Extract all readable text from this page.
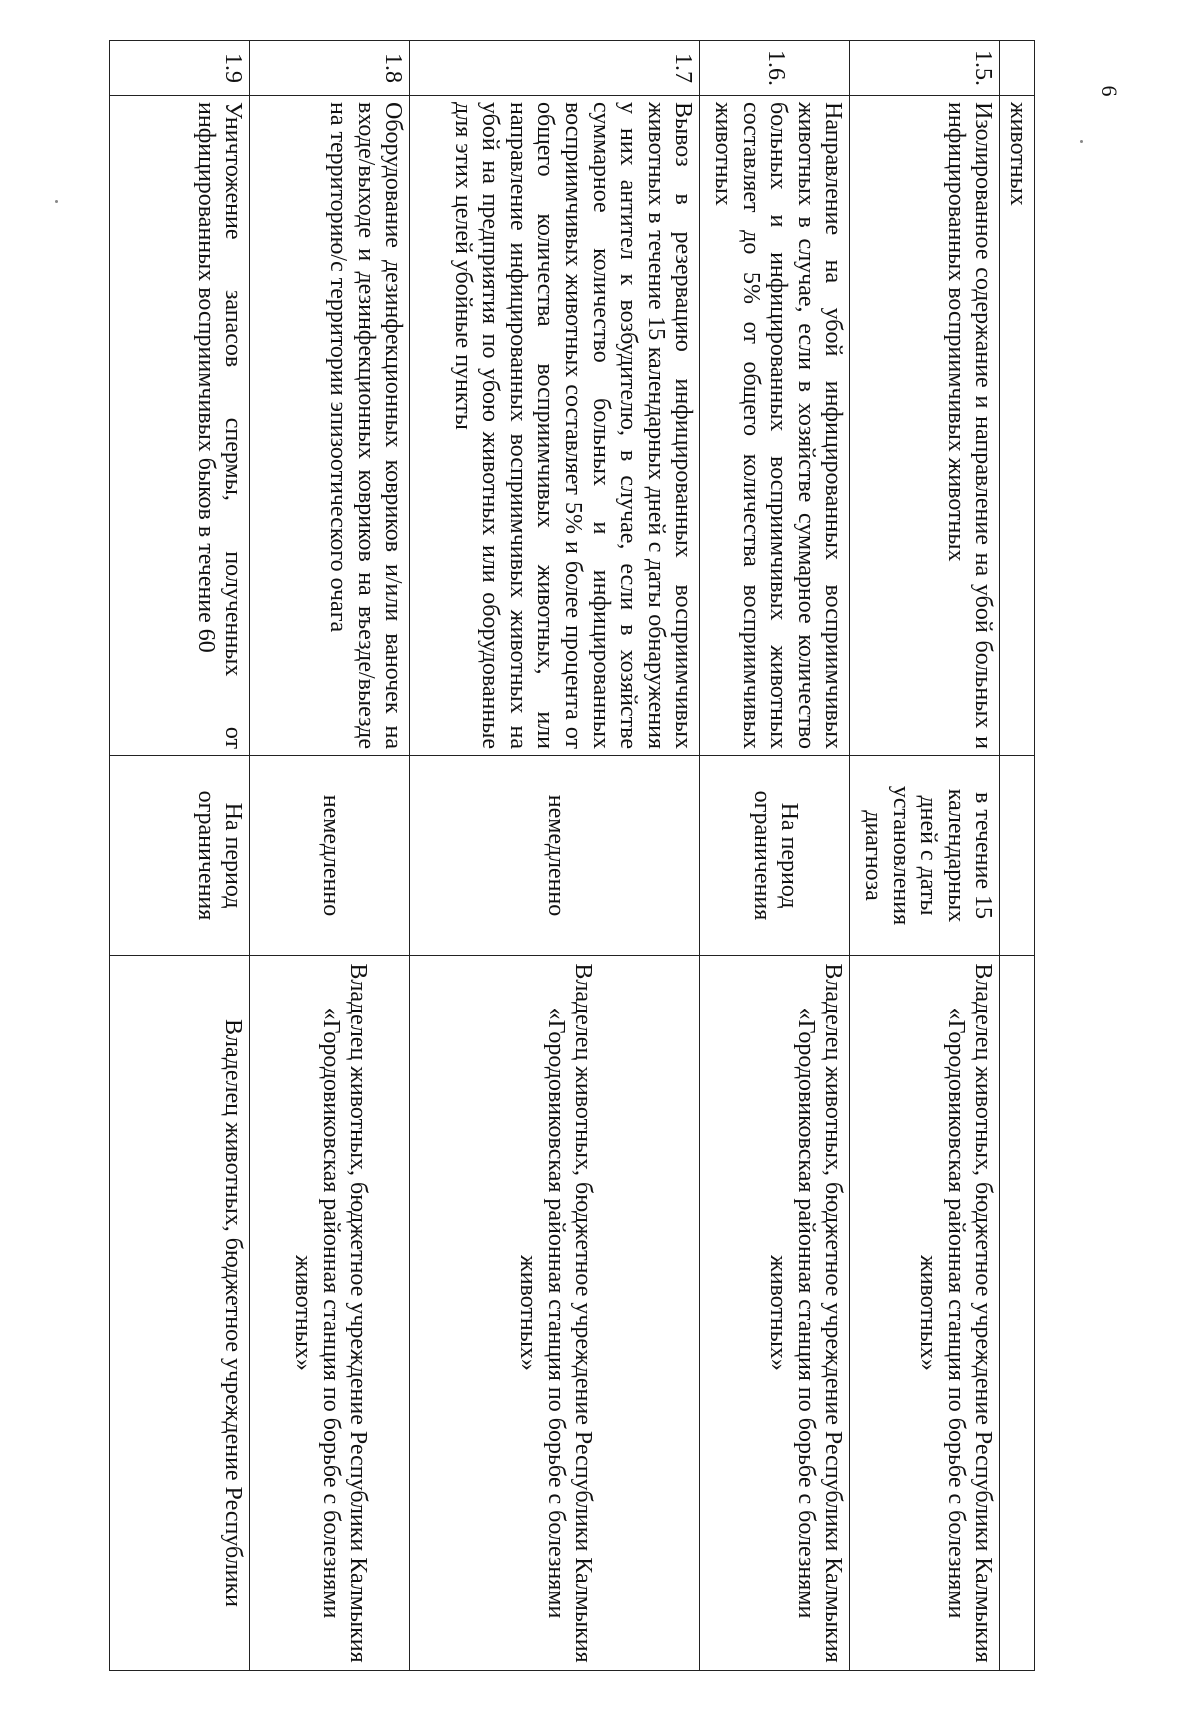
6
	животных		
1.5.	Изолированное содержание и направление на убой больных и инфицированных восприимчивых животных	в течение 15 календарных дней с даты установления диагноза	Владелец животных, бюджетное учреждение Республики Калмыкия «Городовиковская районная станция по борьбе с болезнями животных»
1.6.	Направление на убой инфицированных восприимчивых животных в случае, если в хозяйстве суммарное количество больных и инфицированных восприимчивых животных составляет до 5% от общего количества восприимчивых животных	На период ограничения	Владелец животных, бюджетное учреждение Республики Калмыкия «Городовиковская районная станция по борьбе с болезнями животных»
1.7	Вывоз в резервацию инфицированных восприимчивых животных в течение 15 календарных дней с даты обнаружения у них антител к возбудителю, в случае, если в хозяйстве суммарное количество больных и инфицированных восприимчивых животных составляет 5% и более процента от общего количества восприимчивых животных, или направление инфицированных восприимчивых животных на убой на предприятия по убою животных или оборудованные для этих целей убойные пункты	немедленно	Владелец животных, бюджетное учреждение Республики Калмыкия «Городовиковская районная станция по борьбе с болезнями животных»
1.8	Оборудование дезинфекционных ковриков и/или ваночек на входе/выходе и дезинфекционных ковриков на въезде/выезде на территорию/с территории эпизоотического очага	немедленно	Владелец животных, бюджетное учреждение Республики Калмыкия «Городовиковская районная станция по борьбе с болезнями животных»
1.9	Уничтожение запасов спермы, полученных от инфицированных восприимчивых быков в течение 60	На период ограничения	Владелец животных, бюджетное учреждение Республики
